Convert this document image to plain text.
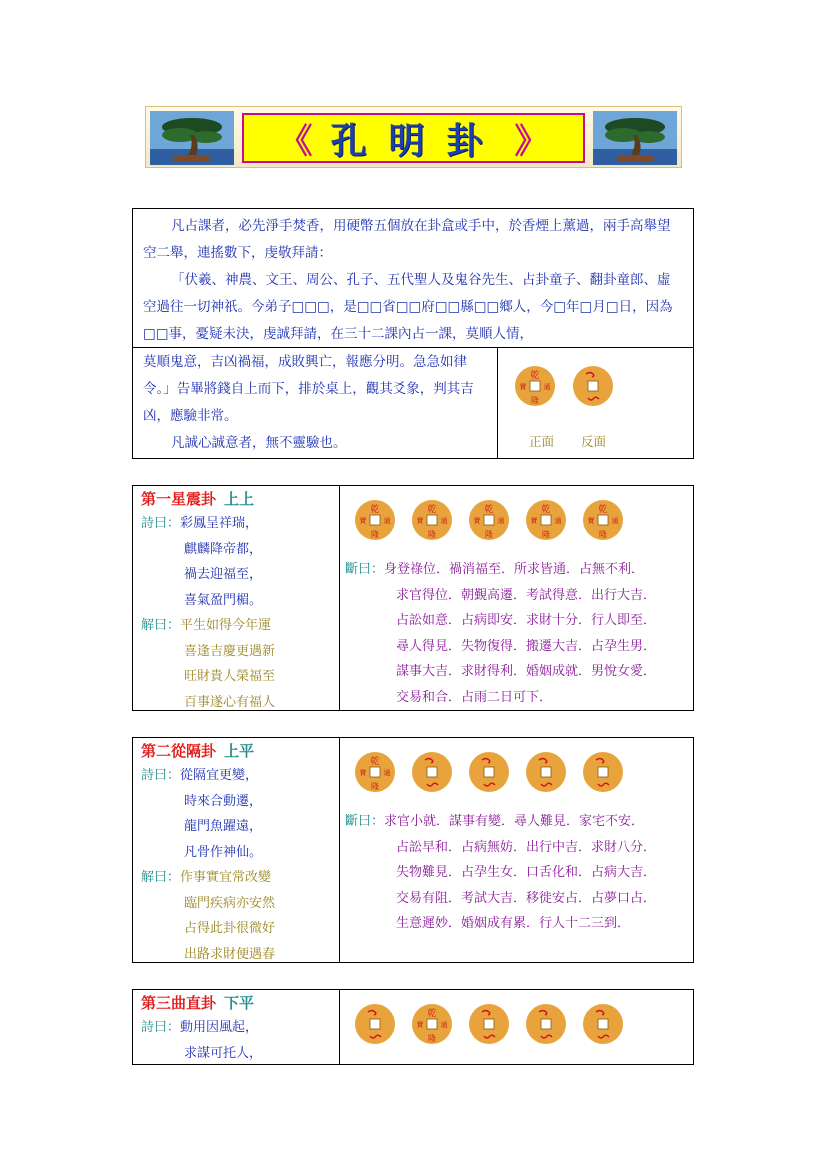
《 孔明卦 》
凡占課者，必先淨手焚香，用硬幣五個放在卦盒或手中，於香煙上薰過，兩手高舉望空二舉，連搖數下，虔敬拜請：
「伏羲、神農、文王、周公、孔子、五代聖人及鬼谷先生、占卦童子、翻卦童郎、虛空過往一切神祇。今弟子□□□，是□□省□□府□□縣□□鄉人，今□年□月□日，因為□□事，憂疑未決，虔誠拜請，在三十二課內占一課，莫順人情，
莫順鬼意，吉凶禍福，成敗興亡，報應分明。急急如律令。」告畢將錢自上而下，排於桌上，觀其爻象，判其吉凶，應驗非常。
凡誠心誠意者，無不靈驗也。
乾
通
寶
隆
正面 反面
第一星震卦 上上
詩曰：彩鳳呈祥瑞，
麒麟降帝都，
禍去迎福至，
喜氣盈門楣。
解曰：平生如得今年運
喜逢吉慶更遇新
旺財貴人榮福至
百事遂心有福人
乾
通
寶
隆
乾
通
寶
隆
乾
通
寶
隆
乾
通
寶
隆
乾
通
寶
隆
斷曰：身登祿位．禍消福至．所求皆通．占無不利．
求官得位．朝覲高遷．考試得意．出行大吉．
占訟如意．占病即安．求財十分．行人即至．
尋人得見．失物復得．搬遷大吉．占孕生男．
謀事大吉．求財得利．婚姻成就．男悅女愛．
交易和合．占雨二日可下．
第二從隔卦 上平
詩曰：從隔宜更變，
時來合動遷，
龍門魚躍遠，
凡骨作神仙。
解曰：作事實宜常改變
臨門疾病亦安然
占得此卦很微好
出路求財便遇春
乾
通
寶
隆
斷曰：求官小就．謀事有變．尋人難見．家宅不安．
占訟早和．占病無妨．出行中吉．求財八分．
失物難見．占孕生女．口舌化和．占病大吉．
交易有阻．考試大吉．移徙安占．占夢口占．
生意遲妙．婚姻成有累．行人十二三到．
第三曲直卦 下平
詩曰：動用因風起，
求謀可托人，
乾
通
寶
隆
